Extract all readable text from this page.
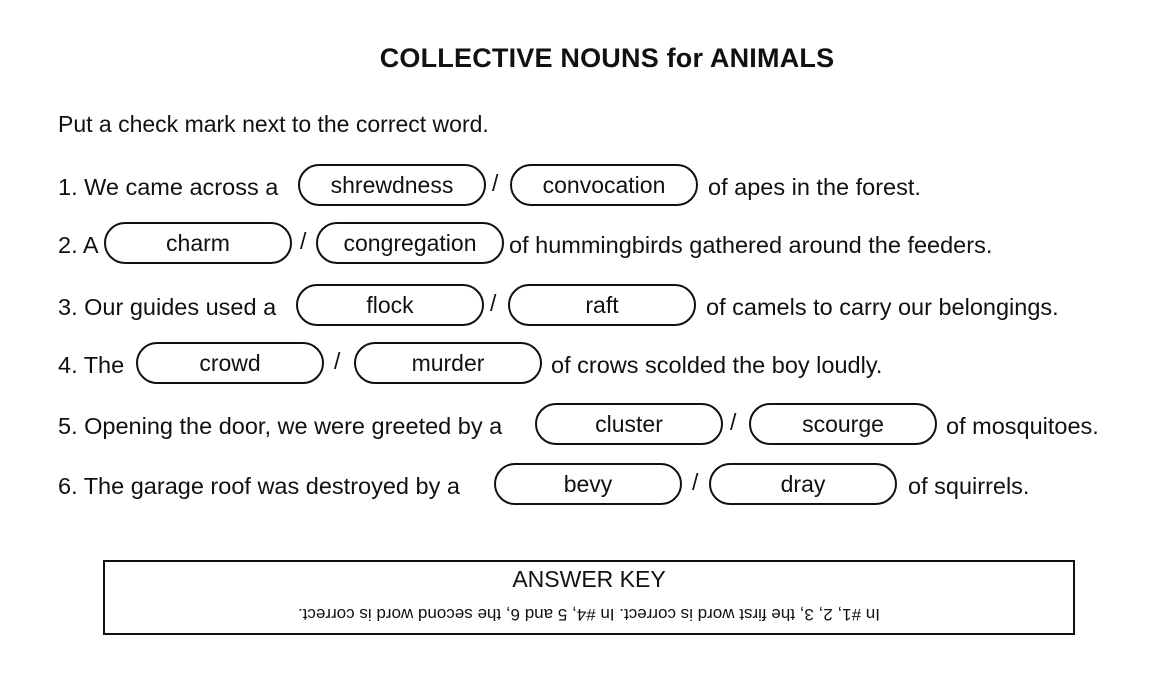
COLLECTIVE NOUNS for ANIMALS
Put a check mark next to the correct word.
1. We came across a	shrewdness	/	convocation	of apes in the forest.
2. A	charm	/	congregation	of hummingbirds gathered around the feeders.
3. Our guides used a	flock	/	raft	of camels to carry our belongings.
4. The	crowd	/	murder	of crows scolded the boy loudly.
5. Opening the door, we were greeted by a	cluster	/	scourge	of mosquitoes.
6. The garage roof was destroyed by a	bevy	/	dray	of squirrels.
ANSWER KEY
In #1, 2, 3, the first word is correct. In #4, 5 and 6, the second word is correct.
